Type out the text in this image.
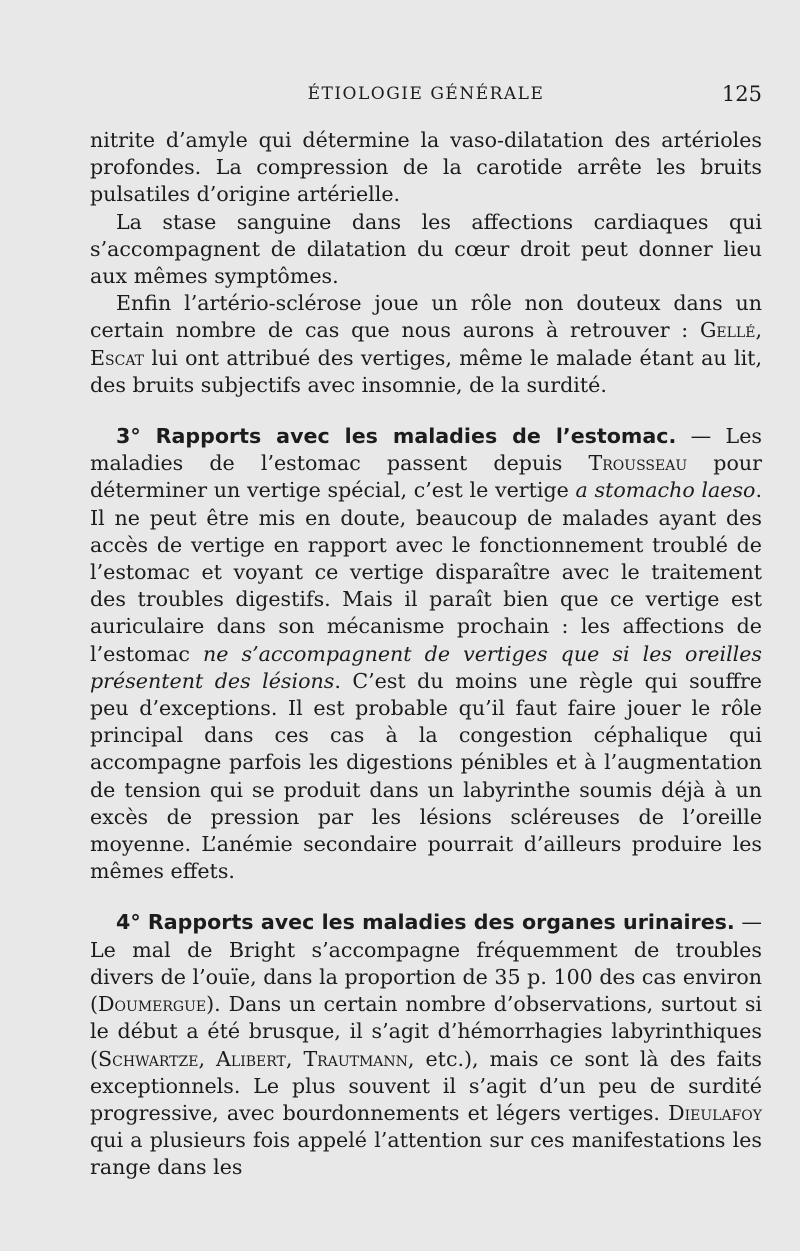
ÉTIOLOGIE GÉNÉRALE	125

nitrite d’amyle qui détermine la vaso-dilatation des artérioles profondes. La compression de la carotide arrête les bruits pulsatiles d’origine artérielle.

La stase sanguine dans les affections cardiaques qui s’accompagnent de dilatation du cœur droit peut donner lieu aux mêmes symptômes.

Enfin l’artério-sclérose joue un rôle non douteux dans un certain nombre de cas que nous aurons à retrouver : Gellé, Escat lui ont attribué des vertiges, même le malade étant au lit, des bruits subjectifs avec insomnie, de la surdité.

3° Rapports avec les maladies de l’estomac. — Les maladies de l’estomac passent depuis Trousseau pour déterminer un vertige spécial, c’est le vertige a stomacho laeso. Il ne peut être mis en doute, beaucoup de malades ayant des accès de vertige en rapport avec le fonctionnement troublé de l’estomac et voyant ce vertige disparaître avec le traitement des troubles digestifs. Mais il paraît bien que ce vertige est auriculaire dans son mécanisme prochain : les affections de l’estomac ne s’accompagnent de vertiges que si les oreilles présentent des lésions. C’est du moins une règle qui souffre peu d’exceptions. Il est probable qu’il faut faire jouer le rôle principal dans ces cas à la congestion céphalique qui accompagne parfois les digestions pénibles et à l’augmentation de tension qui se produit dans un labyrinthe soumis déjà à un excès de pression par les lésions scléreuses de l’oreille moyenne. L’anémie secondaire pourrait d’ailleurs produire les mêmes effets.

4° Rapports avec les maladies des organes urinaires. — Le mal de Bright s’accompagne fréquemment de troubles divers de l’ouïe, dans la proportion de 35 p. 100 des cas environ (Doumergue). Dans un certain nombre d’observations, surtout si le début a été brusque, il s’agit d’hémorrhagies labyrinthiques (Schwartze, Alibert, Trautmann, etc.), mais ce sont là des faits exceptionnels. Le plus souvent il s’agit d’un peu de surdité progressive, avec bourdonnements et légers vertiges. Dieulafoy qui a plusieurs fois appelé l’attention sur ces manifestations les range dans les
